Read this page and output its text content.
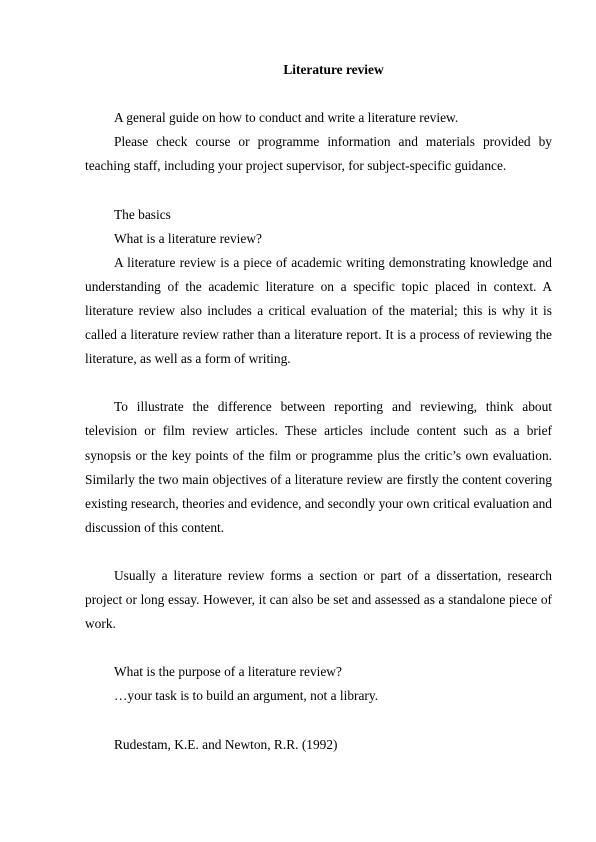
Literature review

A general guide on how to conduct and write a literature review.

Please check course or programme information and materials provided by teaching staff, including your project supervisor, for subject-specific guidance.

The basics

What is a literature review?

A literature review is a piece of academic writing demonstrating knowledge and understanding of the academic literature on a specific topic placed in context. A literature review also includes a critical evaluation of the material; this is why it is called a literature review rather than a literature report. It is a process of reviewing the literature, as well as a form of writing.

To illustrate the difference between reporting and reviewing, think about television or film review articles. These articles include content such as a brief synopsis or the key points of the film or programme plus the critic’s own evaluation. Similarly the two main objectives of a literature review are firstly the content covering existing research, theories and evidence, and secondly your own critical evaluation and discussion of this content.

Usually a literature review forms a section or part of a dissertation, research project or long essay. However, it can also be set and assessed as a standalone piece of work.

What is the purpose of a literature review?

…your task is to build an argument, not a library.

Rudestam, K.E. and Newton, R.R. (1992)
